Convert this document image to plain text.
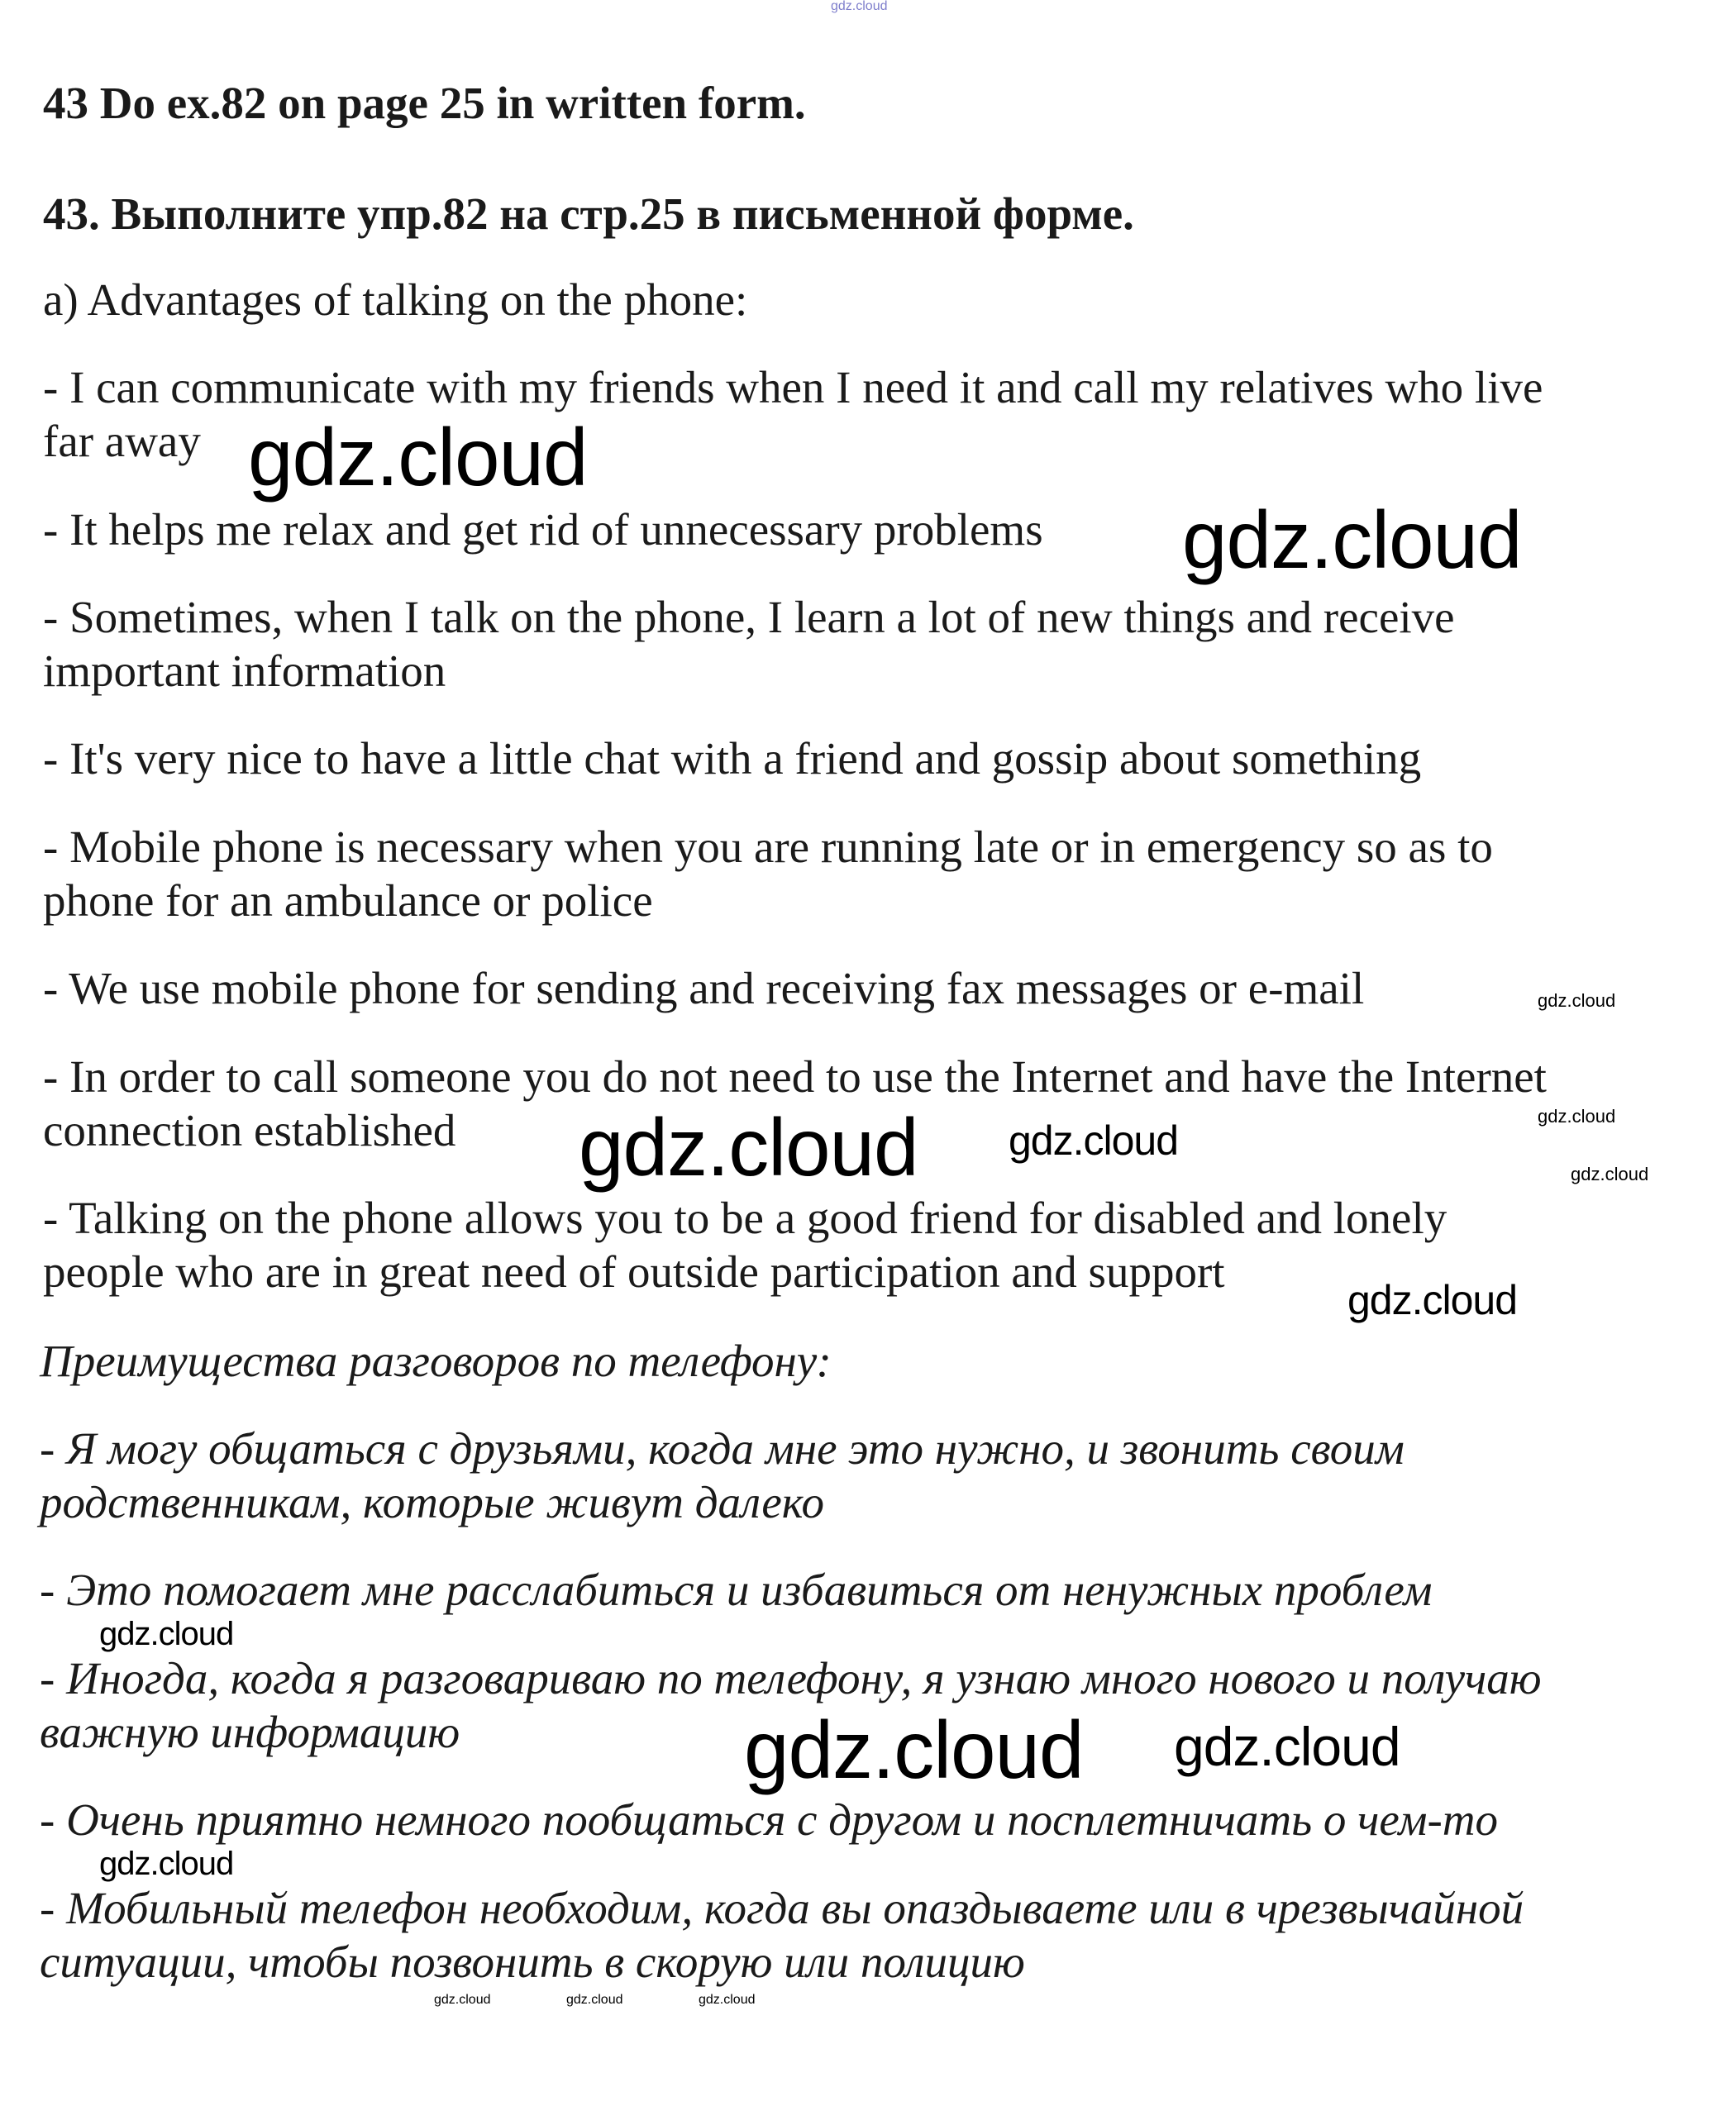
43 Do ex.82 on page 25 in written form.
43. Выполните упр.82 на стр.25 в письменной форме.
a) Advantages of talking on the phone:
- I can communicate with my friends when I need it and call my relatives who live
far away
- It helps me relax and get rid of unnecessary problems
- Sometimes, when I talk on the phone, I learn a lot of new things and receive
important information
- It's very nice to have a little chat with a friend and gossip about something
- Mobile phone is necessary when you are running late or in emergency so as to
phone for an ambulance or police
- We use mobile phone for sending and receiving fax messages or e-mail
- In order to call someone you do not need to use the Internet and have the Internet
connection established
- Talking on the phone allows you to be a good friend for disabled and lonely
people who are in great need of outside participation and support
Преимущества разговоров по телефону:
- Я могу общаться с друзьями, когда мне это нужно, и звонить своим
родственникам, которые живут далеко
- Это помогает мне расслабиться и избавиться от ненужных проблем
- Иногда, когда я разговариваю по телефону, я узнаю много нового и получаю
важную информацию
- Очень приятно немного пообщаться с другом и посплетничать о чем-то
- Мобильный телефон необходим, когда вы опаздываете или в чрезвычайной
ситуации, чтобы позвонить в скорую или полицию
gdz.cloud
gdz.cloud
gdz.cloud
gdz.cloud
gdz.cloud
gdz.cloud
gdz.cloud
gdz.cloud
gdz.cloud
gdz.cloud
gdz.cloud
gdz.cloud
gdz.cloud
gdz.cloud	gdz.cloud	gdz.cloud
